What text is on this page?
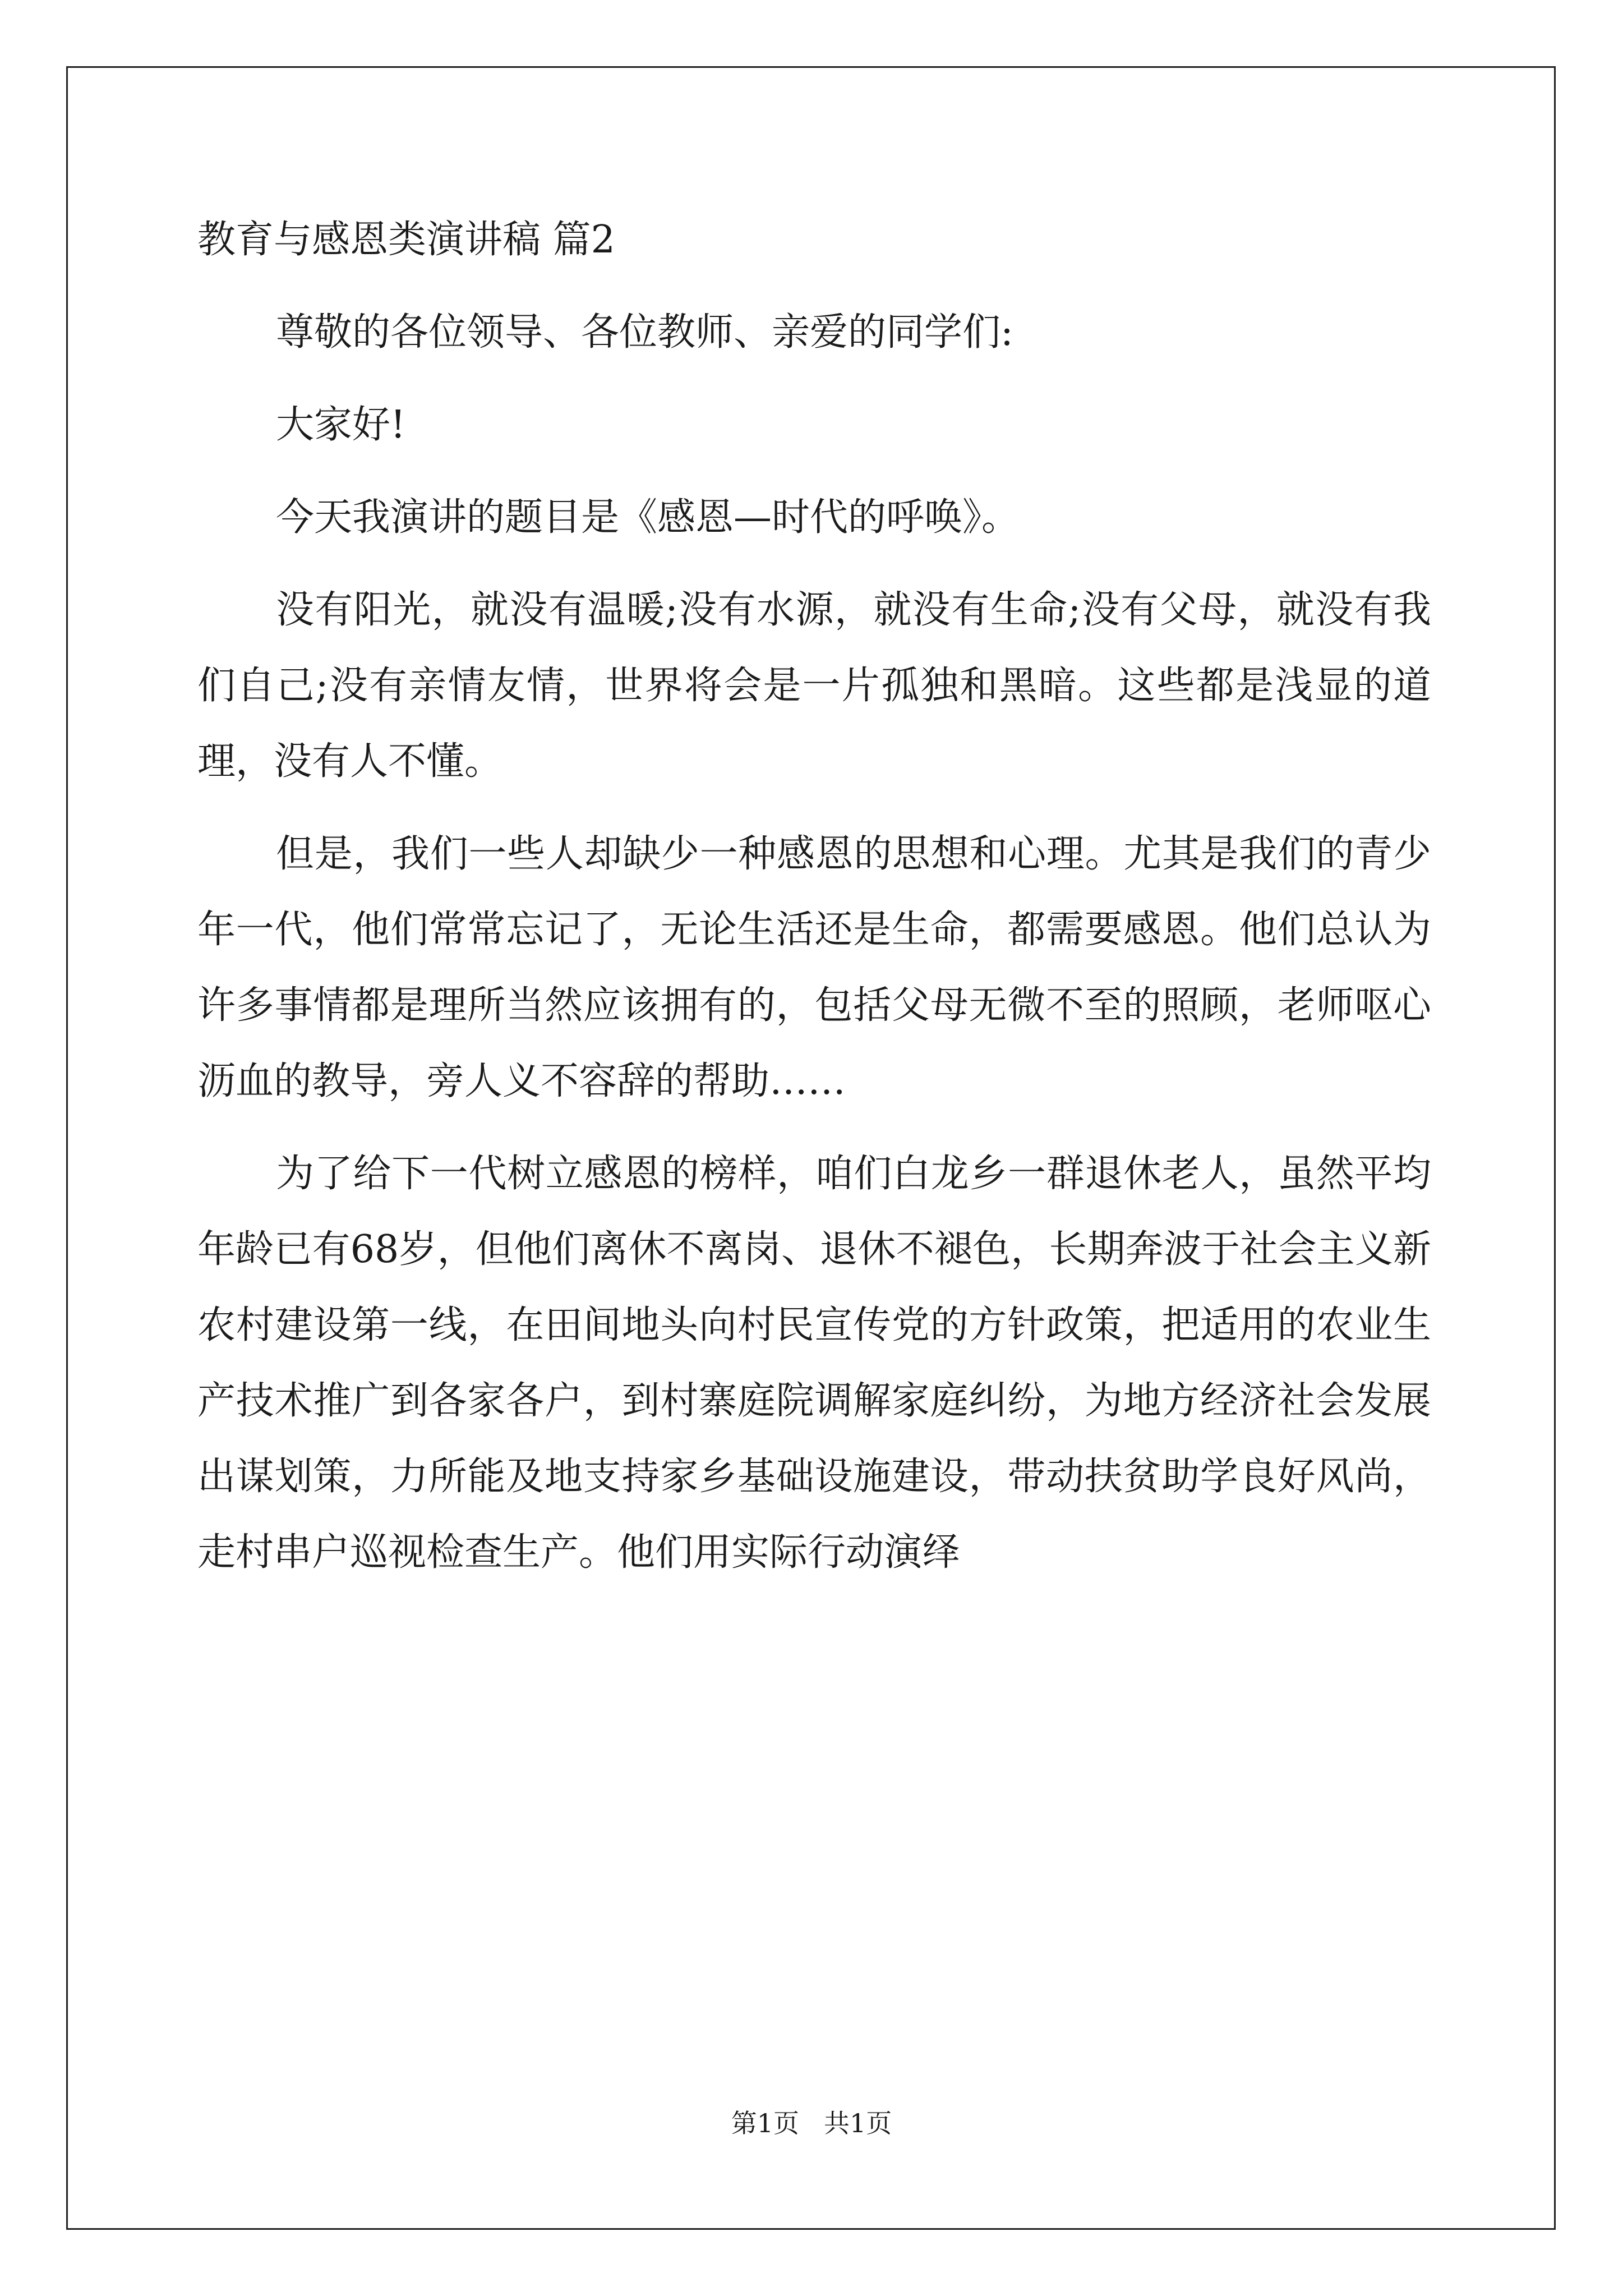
教育与感恩类演讲稿 篇2

尊敬的各位领导、各位教师、亲爱的同学们:

大家好!

今天我演讲的题目是《感恩—时代的呼唤》。

没有阳光，就没有温暖;没有水源，就没有生命;没有父母，就没有我们自己;没有亲情友情，世界将会是一片孤独和黑暗。这些都是浅显的道理，没有人不懂。

但是，我们一些人却缺少一种感恩的思想和心理。尤其是我们的青少年一代，他们常常忘记了，无论生活还是生命，都需要感恩。他们总认为许多事情都是理所当然应该拥有的，包括父母无微不至的照顾，老师呕心沥血的教导，旁人义不容辞的帮助……

为了给下一代树立感恩的榜样，咱们白龙乡一群退休老人，虽然平均年龄已有68岁，但他们离休不离岗、退休不褪色，长期奔波于社会主义新农村建设第一线，在田间地头向村民宣传党的方针政策，把适用的农业生产技术推广到各家各户，到村寨庭院调解家庭纠纷，为地方经济社会发展出谋划策，力所能及地支持家乡基础设施建设，带动扶贫助学良好风尚，走村串户巡视检查生产。他们用实际行动演绎

第1页 共1页
